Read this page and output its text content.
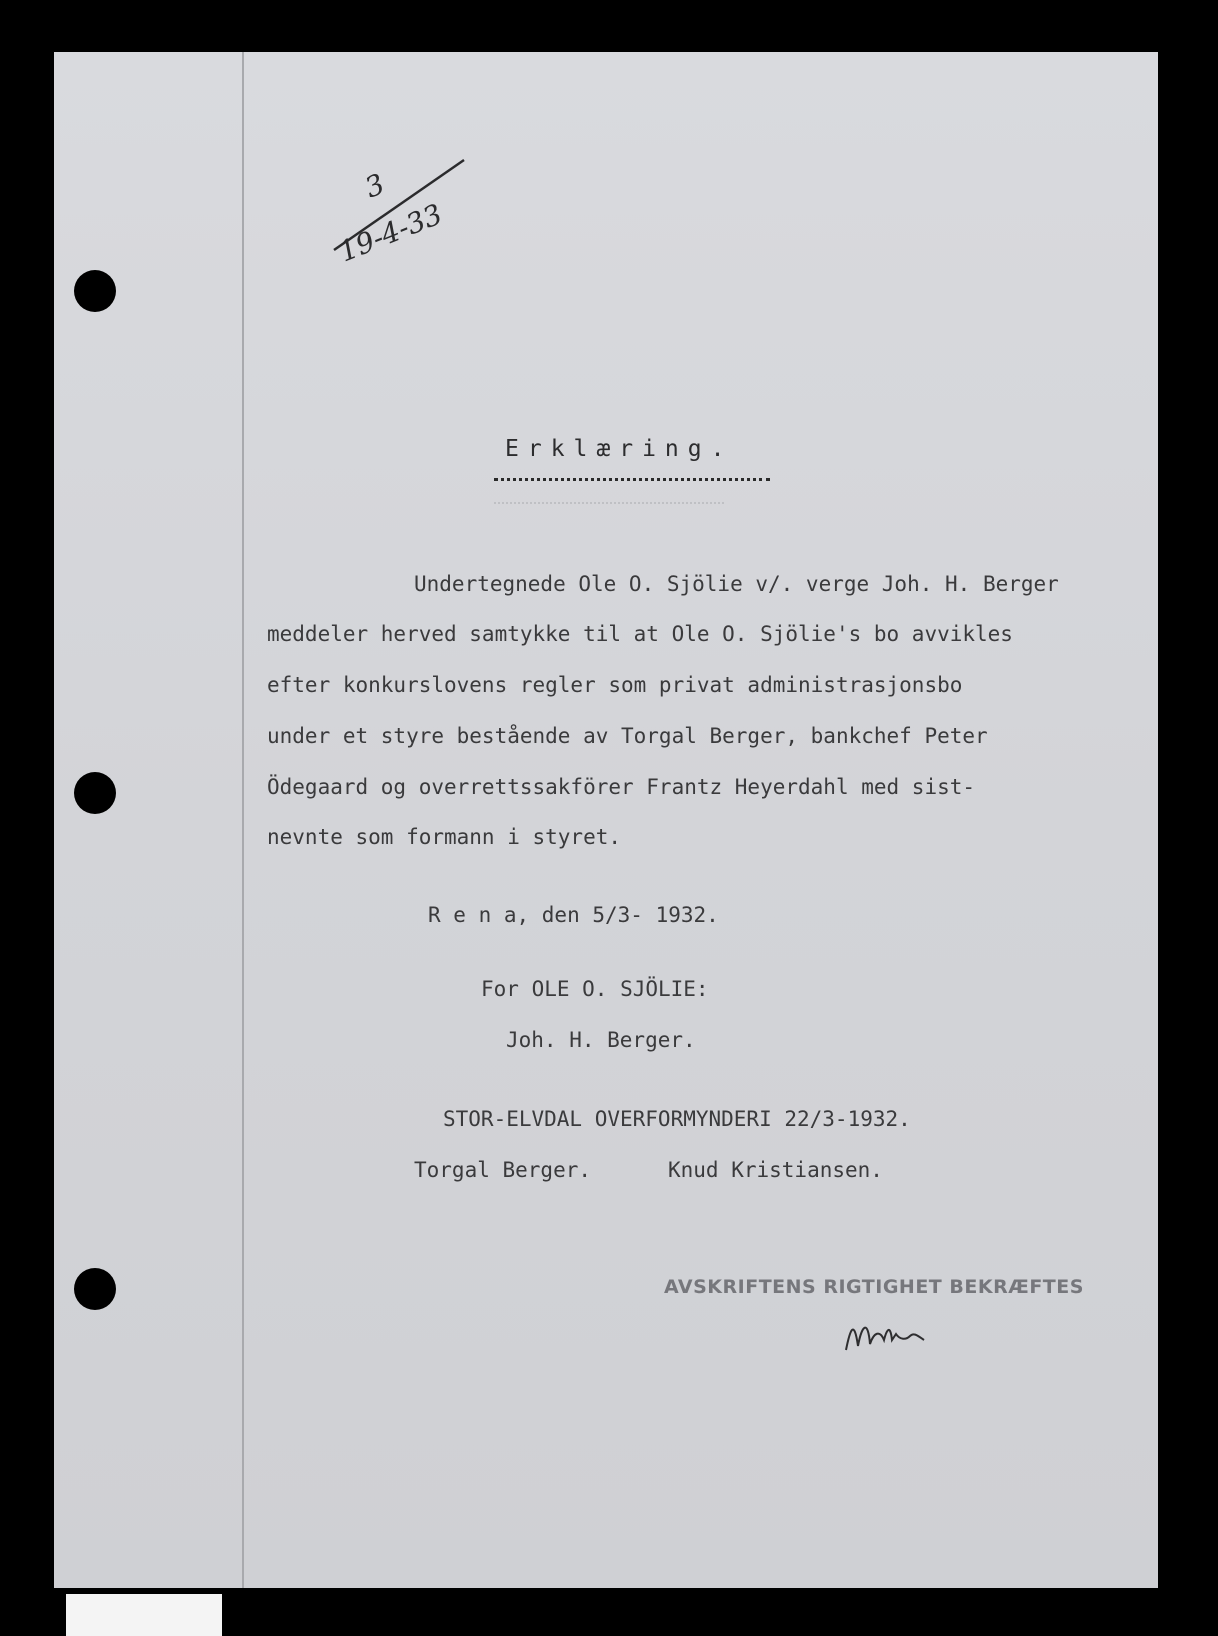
3
19-4-33

Erklæring.

Undertegnede Ole O. Sjölie v/. verge Joh. H. Berger

meddeler herved samtykke til at Ole O. Sjölie's bo avvikles

efter konkurslovens regler som privat administrasjonsbo

under et styre bestående av Torgal Berger, bankchef Peter

Ödegaard og overrettssakförer Frantz Heyerdahl med sist-

nevnte som formann i styret.

R e n a, den 5/3- 1932.

For OLE O. SJÖLIE:

Joh. H. Berger.

STOR-ELVDAL OVERFORMYNDERI 22/3-1932.

Torgal Berger.	Knud Kristiansen.

AVSKRIFTENS RIGTIGHET BEKRÆFTES
